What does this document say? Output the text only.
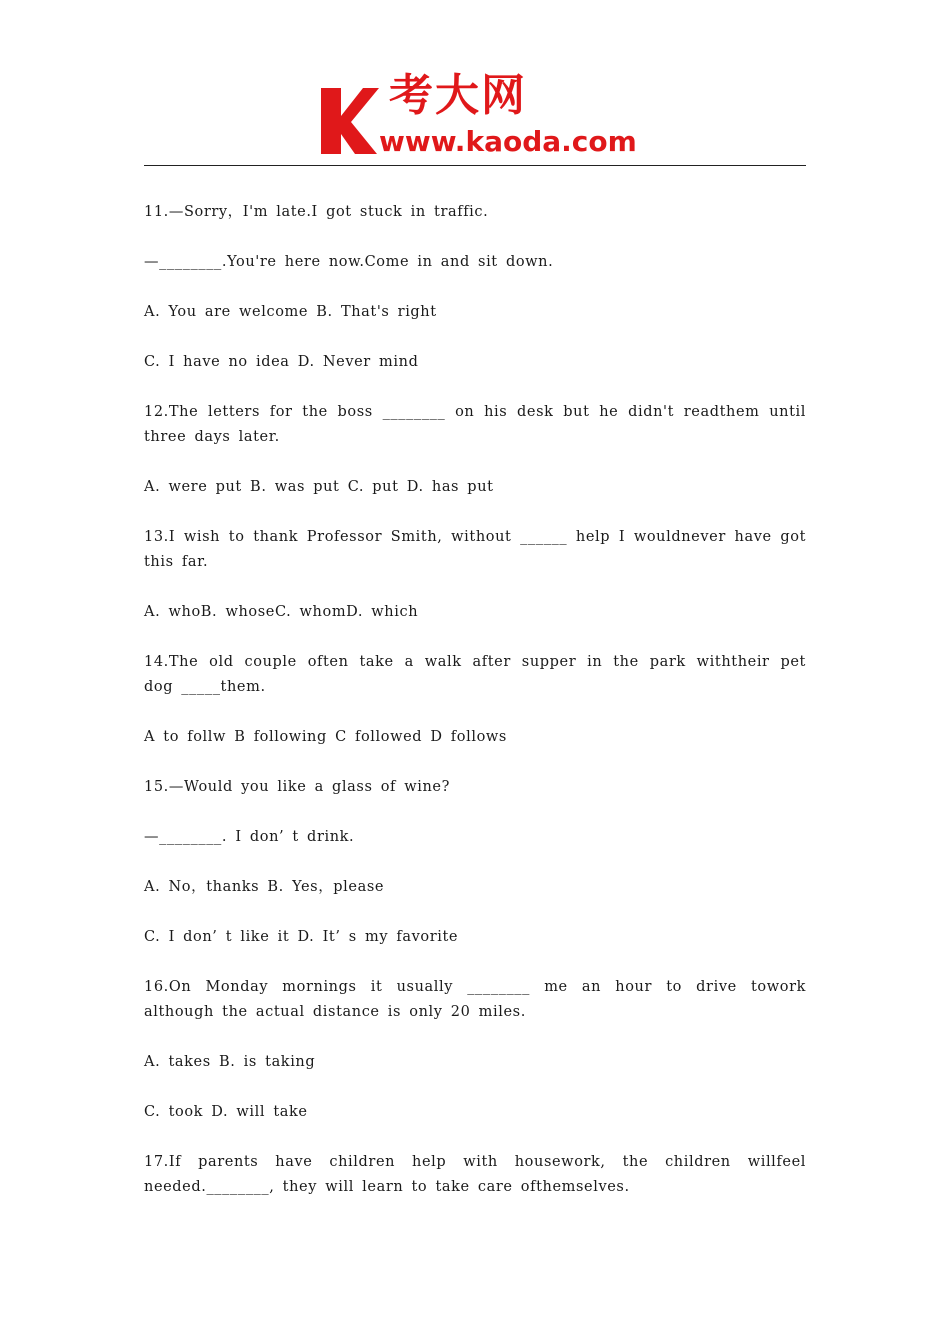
考大网
www.kaoda.com

11.—Sorry，I'm late.I got stuck in traffic.

—________.You're here now.Come in and sit down.

A. You are welcome B. That's right

C. I have no idea D. Never mind

12.The letters for the boss ________ on his desk but he didn't readthem until three days later.

A. were put B. was put C. put D. has put

13.I wish to thank Professor Smith, without ______ help I wouldnever have got this far.

A. whoB. whoseC. whomD. which

14.The old couple often take a walk after supper in the park withtheir pet dog _____them.

A to follw B following C followed D follows

15.—Would you like a glass of wine?

—________. I don’ t drink.

A. No，thanks B. Yes，please

C. I don’ t like it D. It’ s my favorite

16.On Monday mornings it usually ________ me an hour to drive towork although the actual distance is only 20 miles.

A. takes B. is taking

C. took D. will take

17.If parents have children help with housework, the children willfeel needed.________, they will learn to take care ofthemselves.
